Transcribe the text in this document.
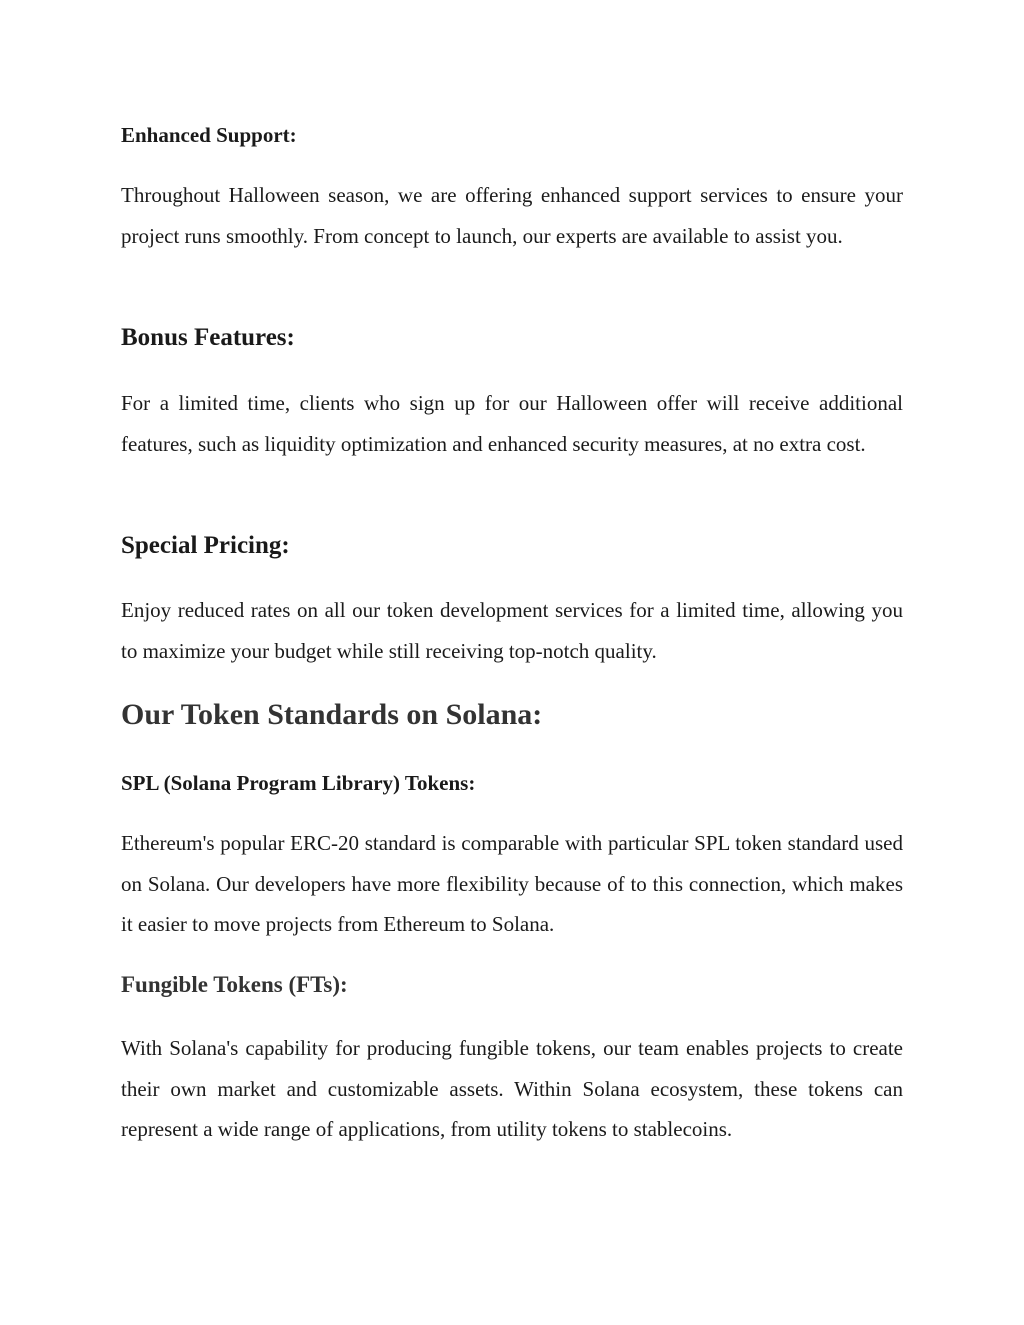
Enhanced Support:

Throughout Halloween season, we are offering enhanced support services to ensure your project runs smoothly. From concept to launch, our experts are available to assist you.

Bonus Features:

For a limited time, clients who sign up for our Halloween offer will receive additional features, such as liquidity optimization and enhanced security measures, at no extra cost.

Special Pricing:

Enjoy reduced rates on all our token development services for a limited time, allowing you to maximize your budget while still receiving top-notch quality.

Our Token Standards on Solana:
SPL (Solana Program Library) Tokens:

Ethereum's popular ERC-20 standard is comparable with particular SPL token standard used on Solana. Our developers have more flexibility because of to this connection, which makes it easier to move projects from Ethereum to Solana.

Fungible Tokens (FTs):

With Solana's capability for producing fungible tokens, our team enables projects to create their own market and customizable assets. Within Solana ecosystem, these tokens can represent a wide range of applications, from utility tokens to stablecoins.
